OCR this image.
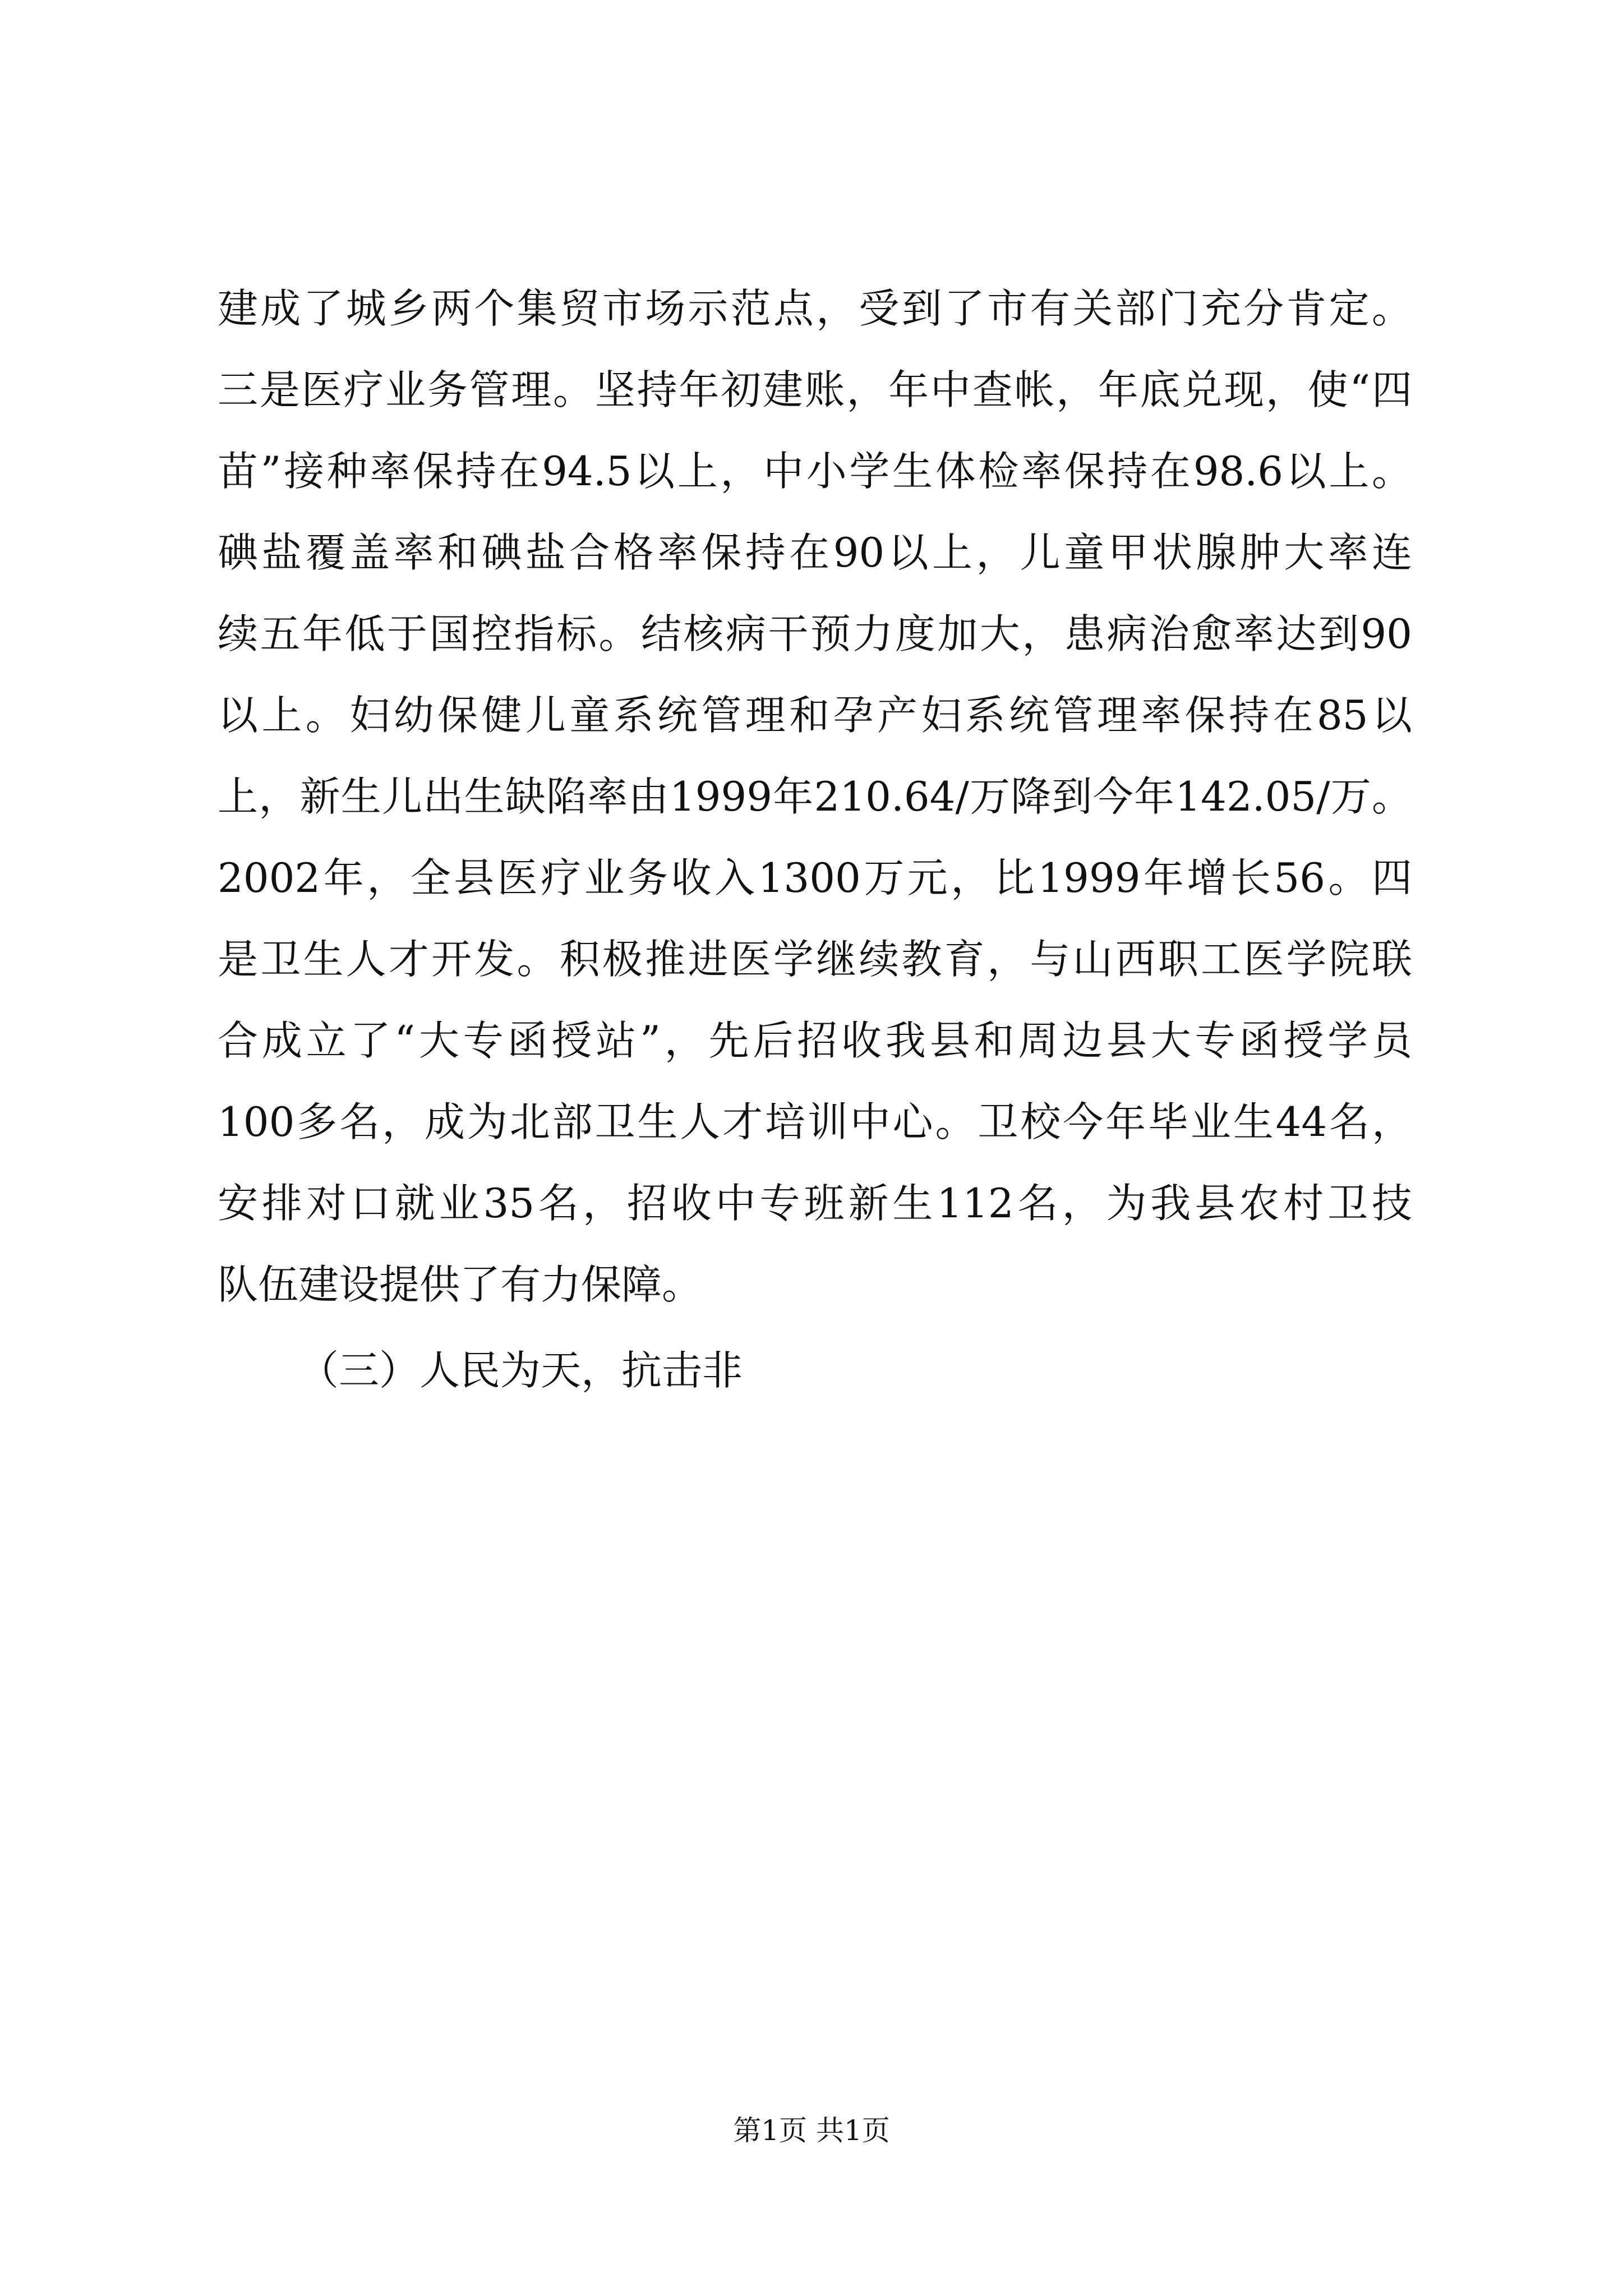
建成了城乡两个集贸市场示范点，受到了市有关部门充分肯定。
三是医疗业务管理。坚持年初建账，年中查帐，年底兑现，使“四
苗”接种率保持在94.5以上，中小学生体检率保持在98.6以上。
碘盐覆盖率和碘盐合格率保持在90以上，儿童甲状腺肿大率连
续五年低于国控指标。结核病干预力度加大，患病治愈率达到90
以上。妇幼保健儿童系统管理和孕产妇系统管理率保持在85以
上，新生儿出生缺陷率由1999年210.64/万降到今年142.05/万。
2002年，全县医疗业务收入1300万元，比1999年增长56。四
是卫生人才开发。积极推进医学继续教育，与山西职工医学院联
合成立了“大专函授站”，先后招收我县和周边县大专函授学员
100多名，成为北部卫生人才培训中心。卫校今年毕业生44名，
安排对口就业35名，招收中专班新生112名，为我县农村卫技
队伍建设提供了有力保障。
（三）人民为天，抗击非
第1页 共1页
